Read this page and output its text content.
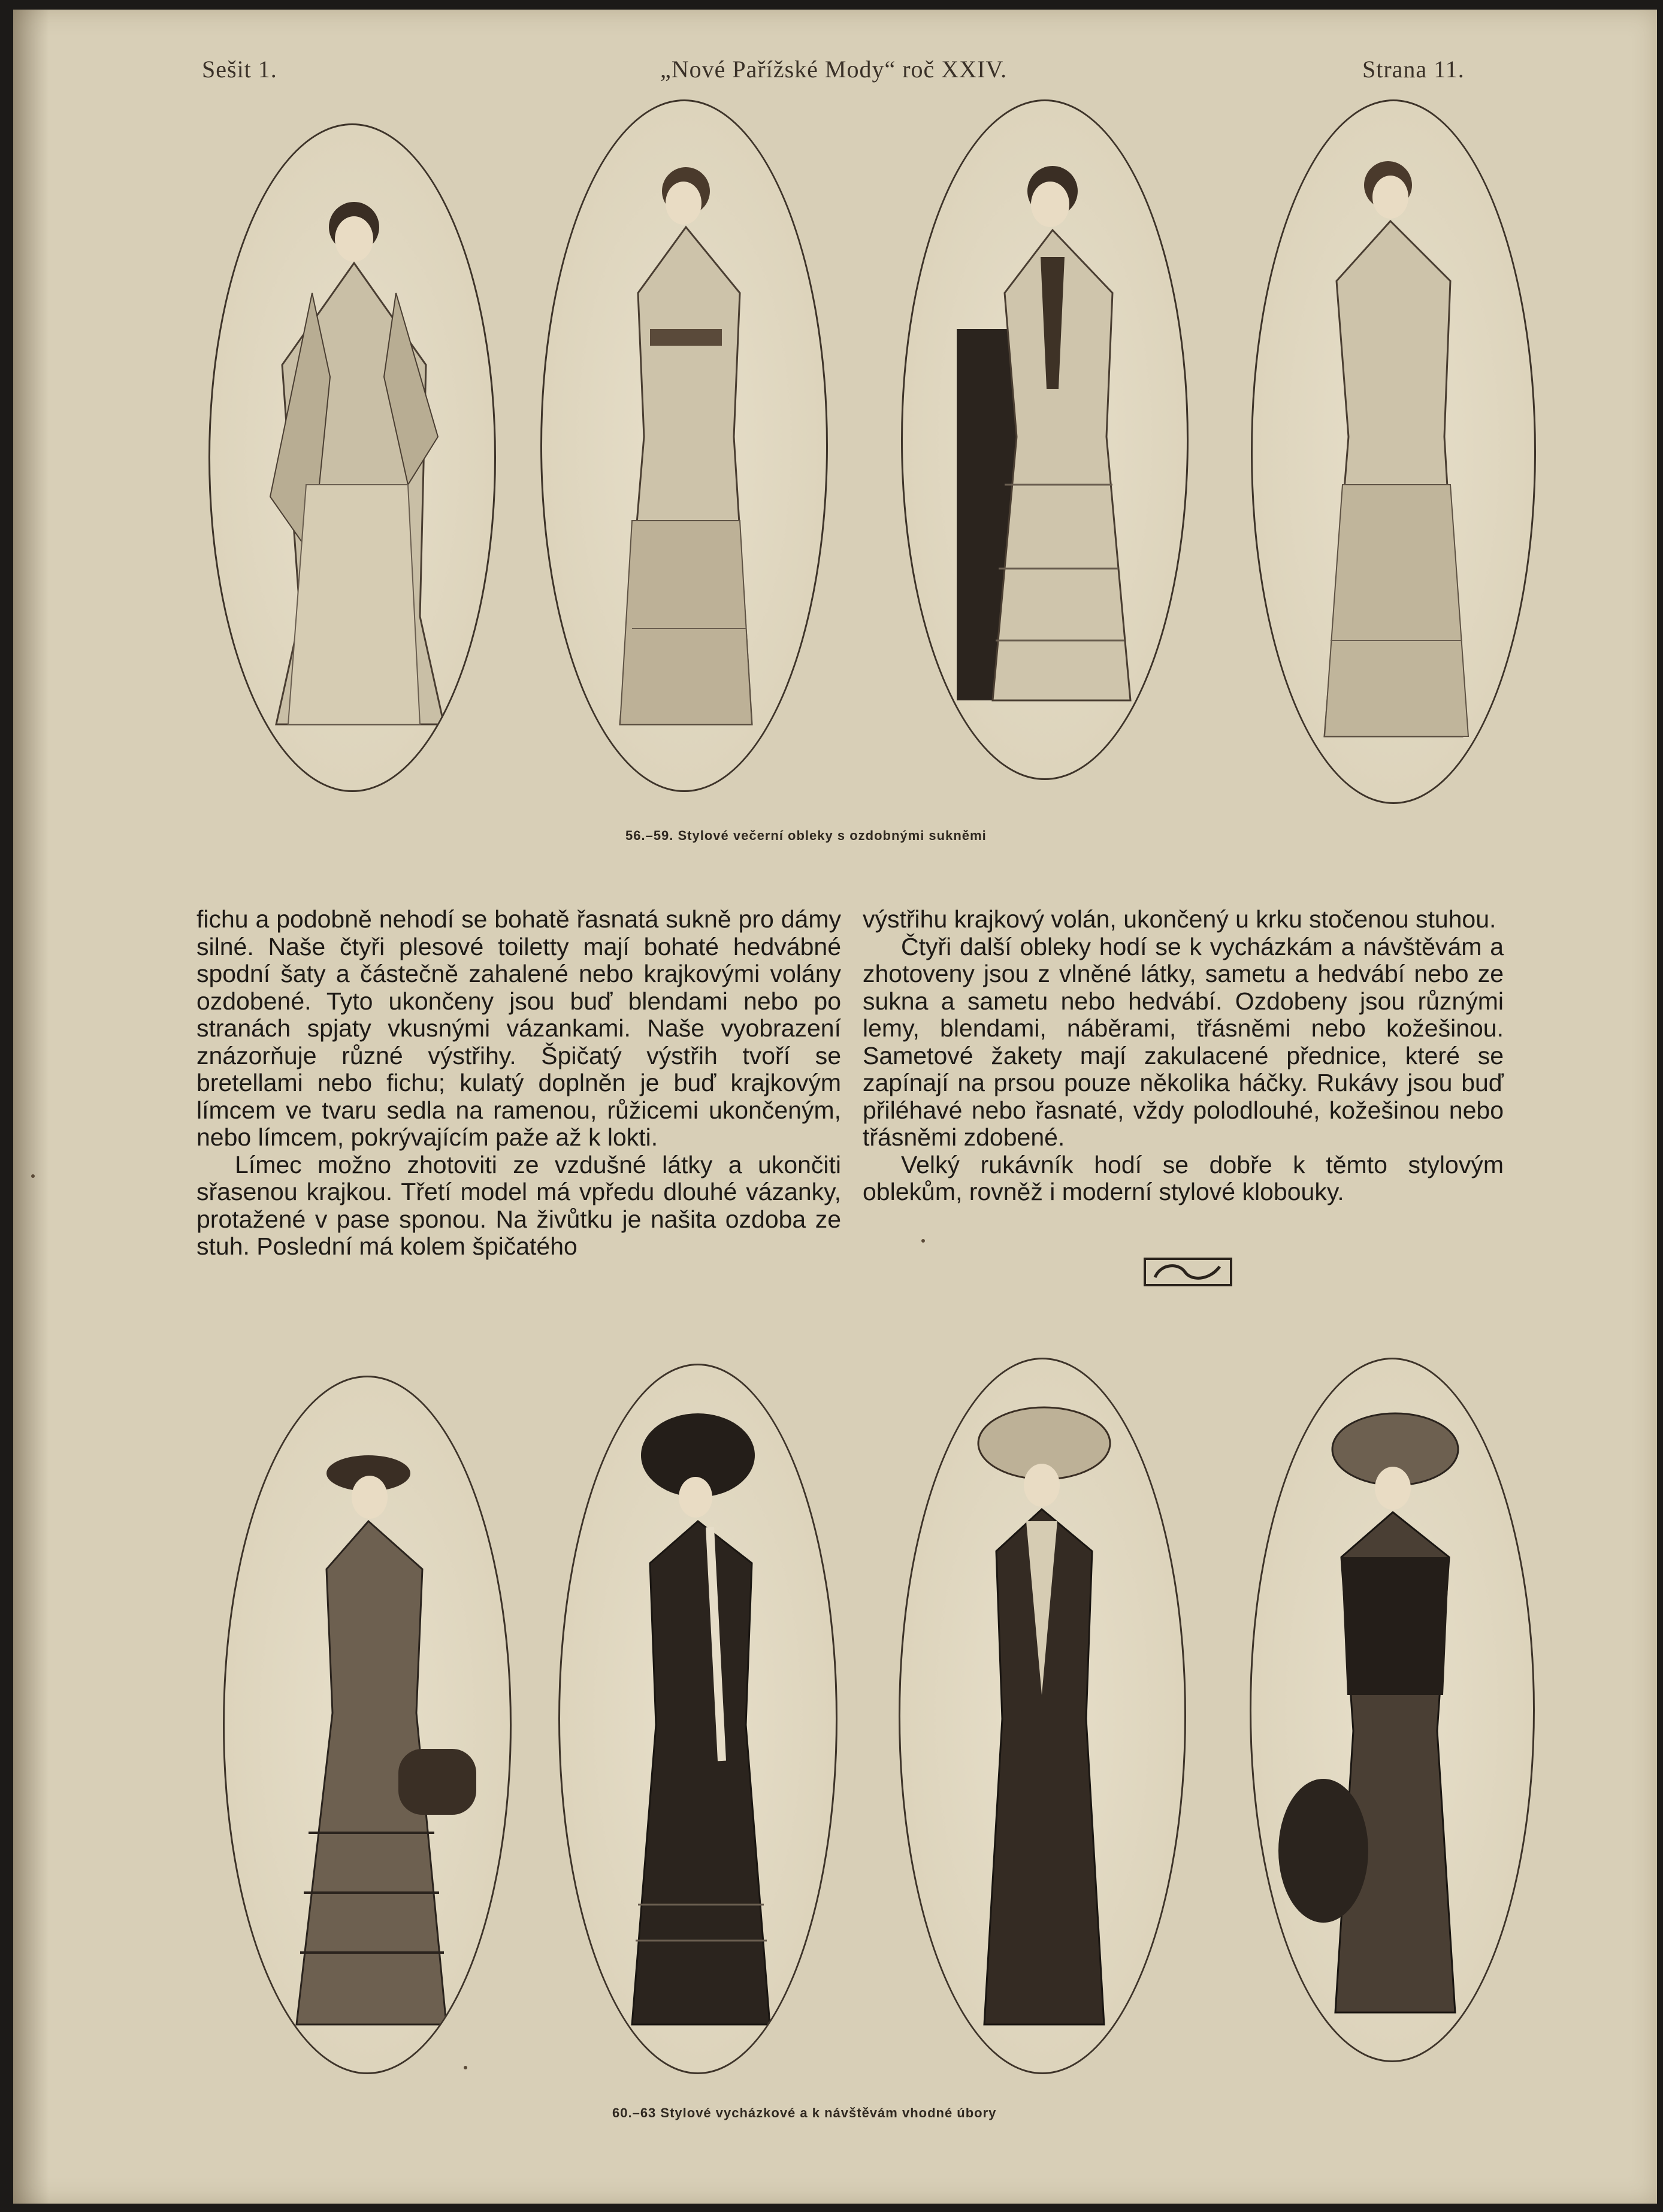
Sešit 1.	„Nové Pařížské Mody“ roč XXIV.	Strana 11.
56.–59. Stylové večerní obleky s ozdobnými sukněmi

fichu a podobně nehodí se bohatě řasnatá sukně pro dámy silné. Naše čtyři plesové toiletty mají bohaté hedvábné spodní šaty a částečně zahalené nebo krajkovými volány ozdobené. Tyto ukončeny jsou buď blendami nebo po stranách spjaty vkusnými vázankami. Naše vyobrazení znázorňuje různé výstřihy. Špičatý výstřih tvoří se bretellami nebo fichu; kulatý doplněn je buď krajkovým límcem ve tvaru sedla na ramenou, růžicemi ukončeným, nebo límcem, pokrývajícím paže až k lokti.

Límec možno zhotoviti ze vzdušné látky a ukončiti sřasenou krajkou. Třetí model má vpředu dlouhé vázanky, protažené v pase sponou. Na živůtku je našita ozdoba ze stuh. Poslední má kolem špičatého

výstřihu krajkový volán, ukončený u krku stočenou stuhou.

Čtyři další obleky hodí se k vycházkám a návštěvám a zhotoveny jsou z vlněné látky, sametu a hedvábí nebo ze sukna a sametu nebo hedvábí. Ozdobeny jsou různými lemy, blendami, náběrami, třásněmi nebo kožešinou. Sametové žakety mají zakulacené přednice, které se zapínají na prsou pouze několika háčky. Rukávy jsou buď přiléhavé nebo řasnaté, vždy polodlouhé, kožešinou nebo třásněmi zdobené.

Velký rukávník hodí se dobře k těmto stylovým oblekům, rovněž i moderní stylové klobouky.

60.–63 Stylové vycházkové a k návštěvám vhodné úbory
